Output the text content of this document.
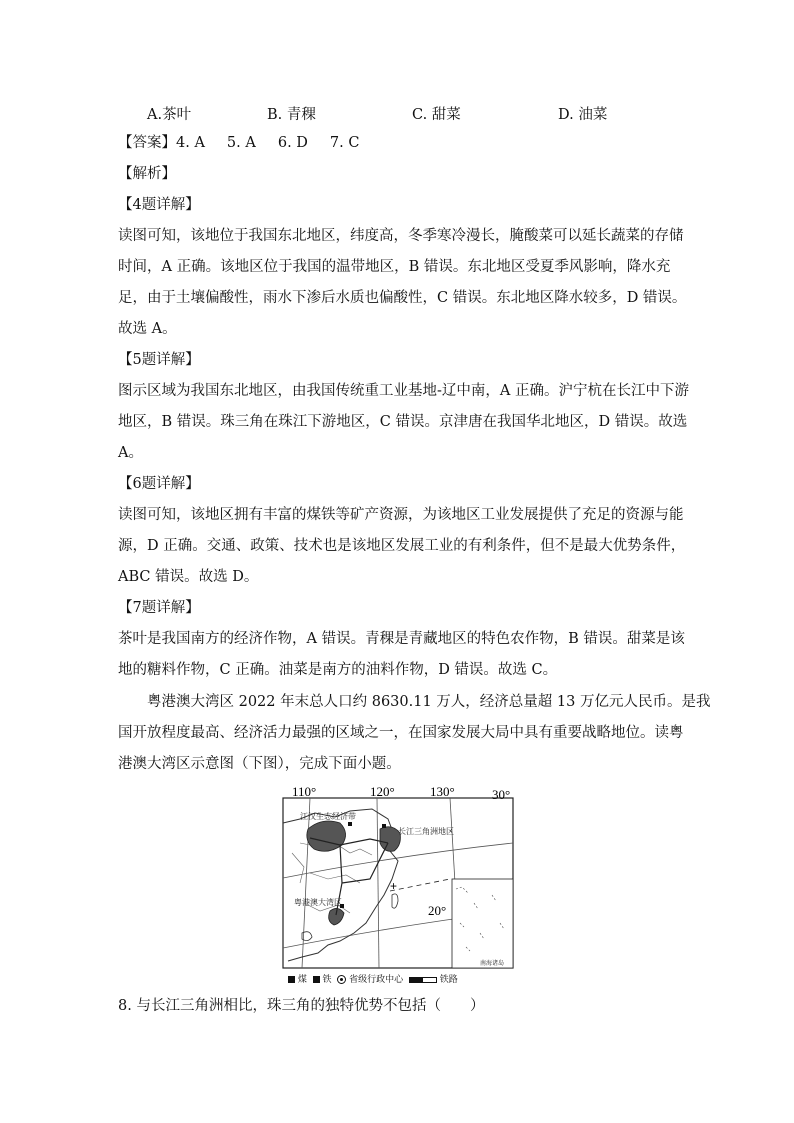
A.茶叶	B. 青稞	C. 甜菜	D. 油菜
【答案】4. A 5. A 6. D 7. C
【解析】
【4题详解】
读图可知，该地位于我国东北地区，纬度高，冬季寒冷漫长，腌酸菜可以延长蔬菜的存储
时间，A 正确。该地区位于我国的温带地区，B 错误。东北地区受夏季风影响，降水充
足，由于土壤偏酸性，雨水下渗后水质也偏酸性，C 错误。东北地区降水较多，D 错误。
故选 A。
【5题详解】
图示区域为我国东北地区，由我国传统重工业基地-辽中南，A 正确。沪宁杭在长江中下游
地区，B 错误。珠三角在珠江下游地区，C 错误。京津唐在我国华北地区，D 错误。故选
A。
【6题详解】
读图可知，该地区拥有丰富的煤铁等矿产资源，为该地区工业发展提供了充足的资源与能
源，D 正确。交通、政策、技术也是该地区发展工业的有利条件，但不是最大优势条件，
ABC 错误。故选 D。
【7题详解】
茶叶是我国南方的经济作物，A 错误。青稞是青藏地区的特色农作物，B 错误。甜菜是该
地的糖料作物，C 正确。油菜是南方的油料作物，D 错误。故选 C。
粤港澳大湾区 2022 年末总人口约 8630.11 万人，经济总量超 13 万亿元人民币。是我
国开放程度最高、经济活力最强的区域之一，在国家发展大局中具有重要战略地位。读粤
港澳大湾区示意图（下图），完成下面小题。
+
110°	120°	130°	30°
20°
江汉生态经济带
长江三角洲地区
粤港澳大湾区
南海诸岛
煤 铁 省级行政中心	铁路
8. 与长江三角洲相比，珠三角的独特优势不包括（　　）
